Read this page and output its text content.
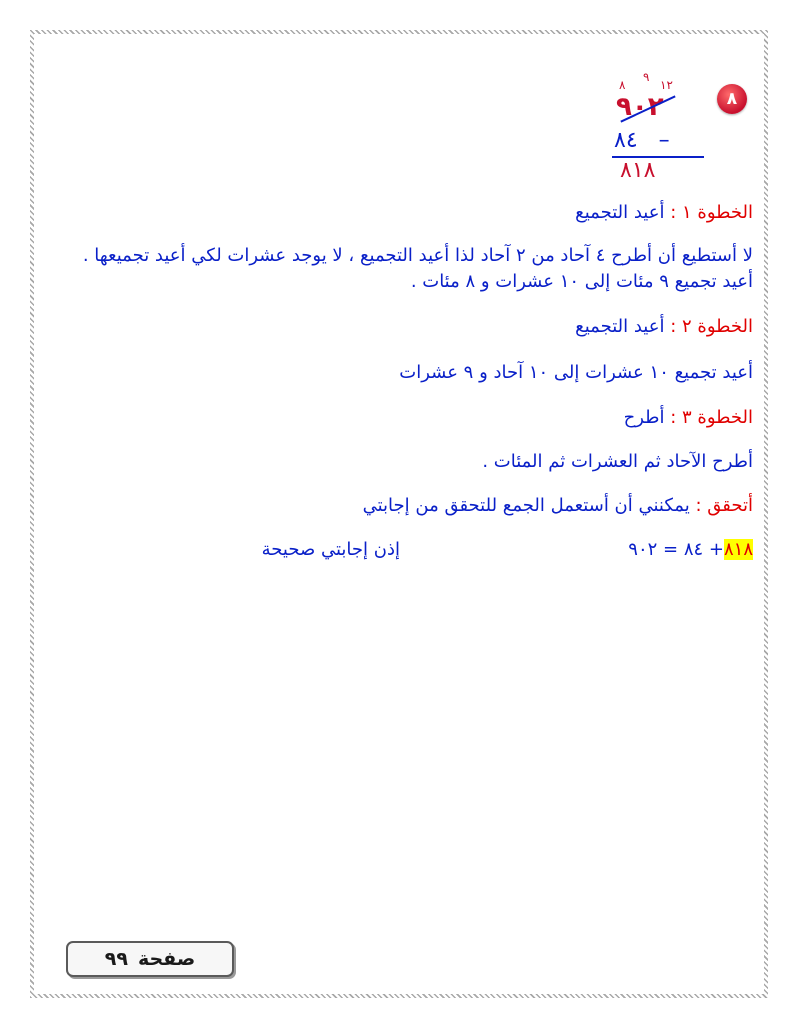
٨
٨
٩
١٢
٩٠٢
٨٤ –
٨١٨
الخطوة ١ : أعيد التجميع
لا أستطيع أن أطرح ٤ آحاد من ٢ آحاد لذا أعيد التجميع ، لا يوجد عشرات لكي أعيد تجميعها . أعيد تجميع ٩ مئات إلى ١٠ عشرات و ٨ مئات .
الخطوة ٢ : أعيد التجميع
أعيد تجميع ١٠ عشرات إلى ١٠ آحاد و ٩ عشرات
الخطوة ٣ : أطرح
أطرح الآحاد ثم العشرات ثم المئات .
أتحقق : يمكنني أن أستعمل الجمع للتحقق من إجابتي
٨١٨+ ٨٤ = ٩٠٢
إذن إجابتي صحيحة
صفحة
٩٩
